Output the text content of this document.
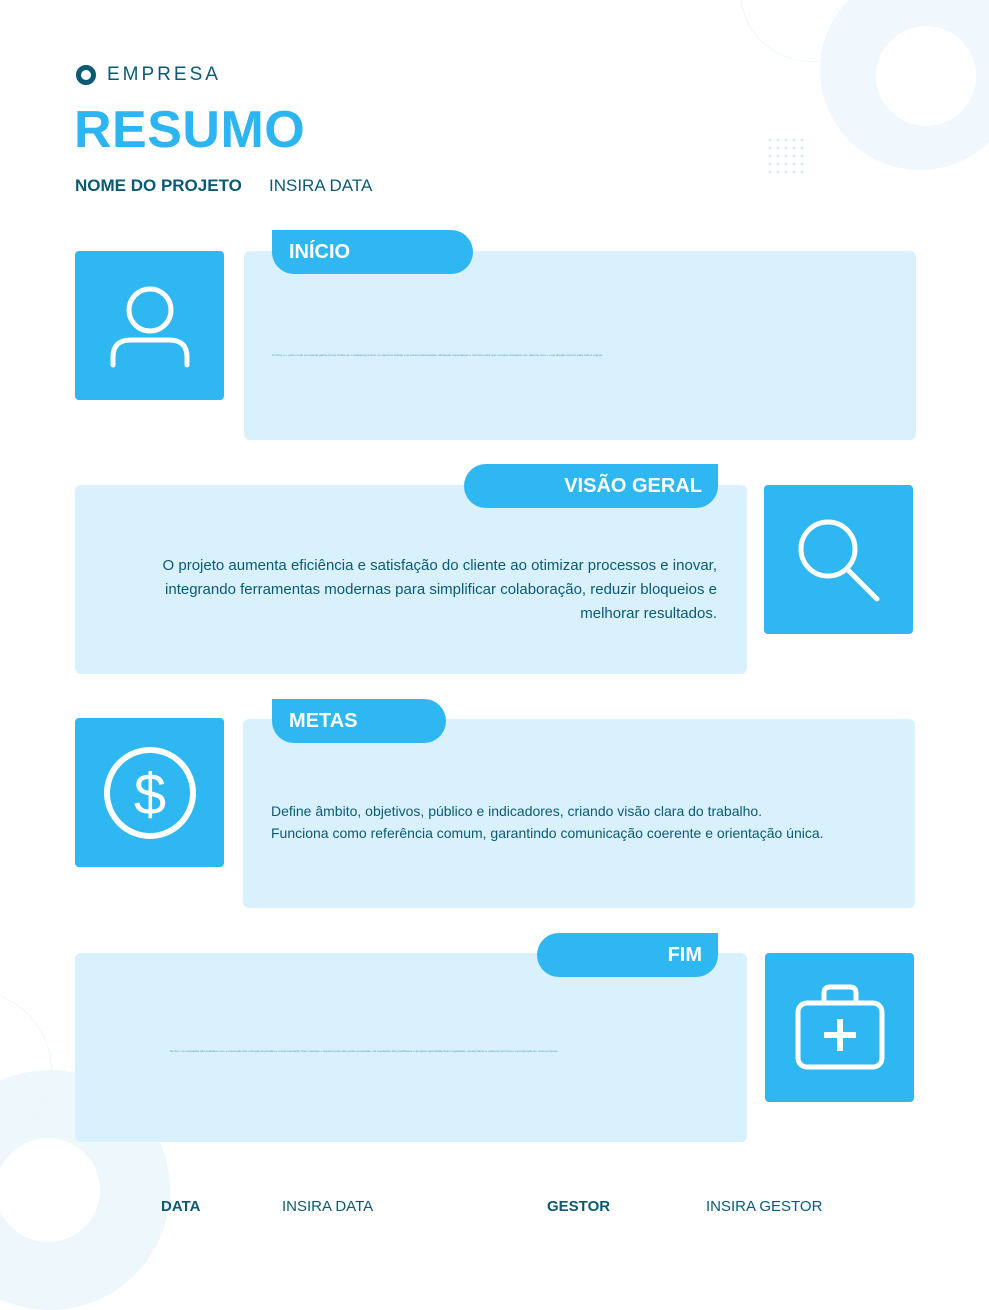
EMPRESA
RESUMO
NOME DO PROJETO INSIRA DATA
INÍCIO
O Início é o ponto onde a proposta ganha forma: define-se o problema central, os objetivos iniciais e as partes interessadas, alinhando expectativas e recursos para que o projeto arranque com clareza, foco e uma direção comum para toda a equipa.
VISÃO GERAL
O projeto aumenta eficiência e satisfação do cliente ao otimizar processos e inovar, integrando ferramentas modernas para simplificar colaboração, reduzir bloqueios e melhorar resultados.
$
METAS
Define âmbito, objetivos, público e indicadores, criando visão clara do trabalho.
Funciona como referência comum, garantindo comunicação coerente e orientação única.
FIM
No Fim, os resultados são avaliados com a conclusão das entregas acordadas e a documentação final, medindo o impacto junto das partes envolvidas. Os resultados são partilhados e as lições aprendidas ficam registadas, assegurando a melhoria contínua e a preparação de novos projetos.
DATA	INSIRA DATA	GESTOR	INSIRA GESTOR
